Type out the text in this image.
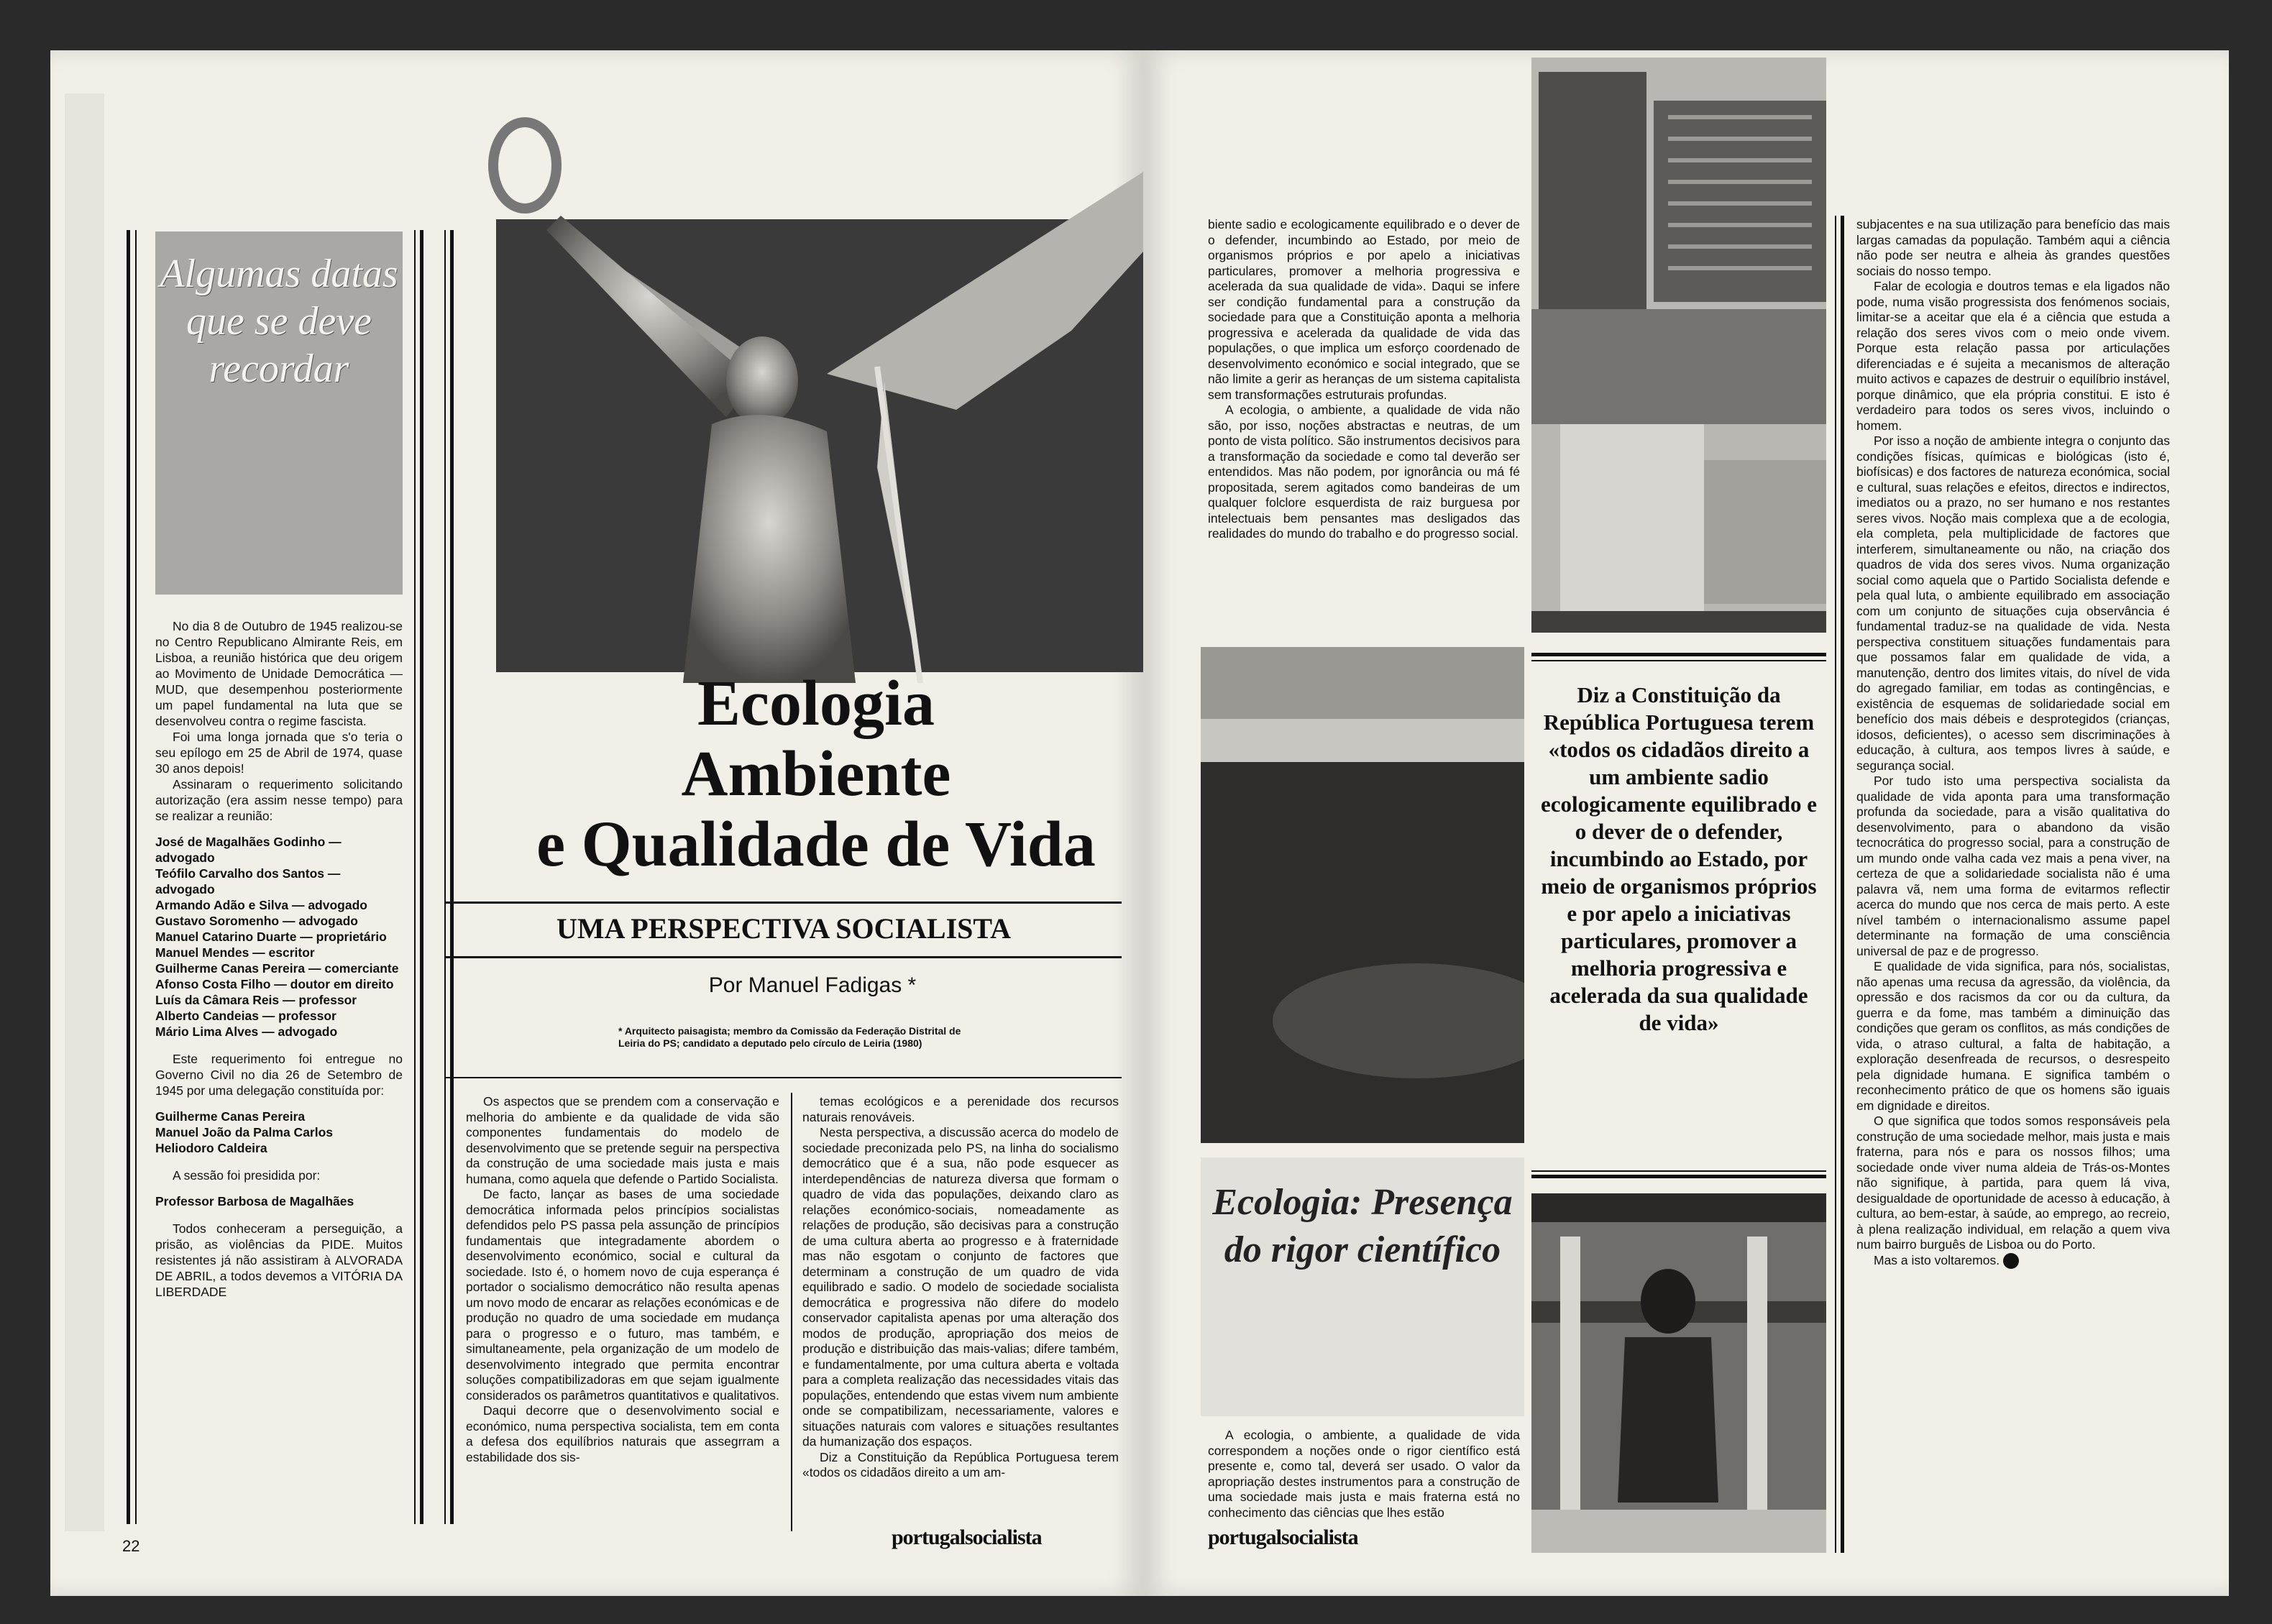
Algumas datas que se deve recordar

No dia 8 de Outubro de 1945 realizou-se no Centro Republicano Almirante Reis, em Lisboa, a reunião histórica que deu origem ao Movimento de Unidade Democrática — MUD, que desempenhou posteriormente um papel fundamental na luta que se desenvolveu contra o regime fascista.

Foi uma longa jornada que s'o teria o seu epílogo em 25 de Abril de 1974, quase 30 anos depois!

Assinaram o requerimento solicitando autorização (era assim nesse tempo) para se realizar a reunião:

José de Magalhães Godinho — advogado
Teófilo Carvalho dos Santos — advogado
Armando Adão e Silva — advogado
Gustavo Soromenho — advogado
Manuel Catarino Duarte — proprietário
Manuel Mendes — escritor
Guilherme Canas Pereira — comerciante
Afonso Costa Filho — doutor em direito
Luís da Câmara Reis — professor
Alberto Candeias — professor
Mário Lima Alves — advogado

Este requerimento foi entregue no Governo Civil no dia 26 de Setembro de 1945 por uma delegação constituída por:

Guilherme Canas Pereira
Manuel João da Palma Carlos
Heliodoro Caldeira

A sessão foi presidida por:

Professor Barbosa de Magalhães

Todos conheceram a perseguição, a prisão, as violências da PIDE. Muitos resistentes já não assistiram à ALVORADA DE ABRIL, a todos devemos a VITÓRIA DA LIBERDADE

Ecologia
Ambiente
e Qualidade de Vida
UMA PERSPECTIVA SOCIALISTA
Por Manuel Fadigas *
* Arquitecto paisagista; membro da Comissão da Federação Distrital de Leiria do PS; candidato a deputado pelo círculo de Leiria (1980)

Os aspectos que se prendem com a conservação e melhoria do ambiente e da qualidade de vida são componentes fundamentais do modelo de desenvolvimento que se pretende seguir na perspectiva da construção de uma sociedade mais justa e mais humana, como aquela que defende o Partido Socialista.

De facto, lançar as bases de uma sociedade democrática informada pelos princípios socialistas defendidos pelo PS passa pela assunção de princípios fundamentais que integradamente abordem o desenvolvimento económico, social e cultural da sociedade. Isto é, o homem novo de cuja esperança é portador o socialismo democrático não resulta apenas um novo modo de encarar as relações económicas e de produção no quadro de uma sociedade em mudança para o progresso e o futuro, mas também, e simultaneamente, pela organização de um modelo de desenvolvimento integrado que permita encontrar soluções compatibilizadoras em que sejam igualmente considerados os parâmetros quantitativos e qualitativos.

Daqui decorre que o desenvolvimento social e económico, numa perspectiva socialista, tem em conta a defesa dos equilíbrios naturais que assegrram a estabilidade dos sis-

temas ecológicos e a perenidade dos recursos naturais renováveis.

Nesta perspectiva, a discussão acerca do modelo de sociedade preconizada pelo PS, na linha do socialismo democrático que é a sua, não pode esquecer as interdependências de natureza diversa que formam o quadro de vida das populações, deixando claro as relações económico-sociais, nomeadamente as relações de produção, são decisivas para a construção de uma cultura aberta ao progresso e à fraternidade mas não esgotam o conjunto de factores que determinam a construção de um quadro de vida equilibrado e sadio. O modelo de sociedade socialista democrática e progressiva não difere do modelo conservador capitalista apenas por uma alteração dos modos de produção, apropriação dos meios de produção e distribuição das mais-valias; difere também, e fundamentalmente, por uma cultura aberta e voltada para a completa realização das necessidades vitais das populações, entendendo que estas vivem num ambiente onde se compatibilizam, necessariamente, valores e situações naturais com valores e situações resultantes da humanização dos espaços.

Diz a Constituição da República Portuguesa terem «todos os cidadãos direito a um am-

22	portugalsocialista

biente sadio e ecologicamente equilibrado e o dever de o defender, incumbindo ao Estado, por meio de organismos próprios e por apelo a iniciativas particulares, promover a melhoria progressiva e acelerada da sua qualidade de vida». Daqui se infere ser condição fundamental para a construção da sociedade para que a Constituição aponta a melhoria progressiva e acelerada da qualidade de vida das populações, o que implica um esforço coordenado de desenvolvimento económico e social integrado, que se não limite a gerir as heranças de um sistema capitalista sem transformações estruturais profundas.

A ecologia, o ambiente, a qualidade de vida não são, por isso, noções abstractas e neutras, de um ponto de vista político. São instrumentos decisivos para a transformação da sociedade e como tal deverão ser entendidos. Mas não podem, por ignorância ou má fé propositada, serem agitados como bandeiras de um qualquer folclore esquerdista de raiz burguesa por intelectuais bem pensantes mas desligados das realidades do mundo do trabalho e do progresso social.

Diz a Constituição da República Portuguesa terem «todos os cidadãos direito a um ambiente sadio ecologicamente equilibrado e o dever de o defender, incumbindo ao Estado, por meio de organismos próprios e por apelo a iniciativas particulares, promover a melhoria progressiva e acelerada da sua qualidade de vida»
Ecologia: Presença do rigor científico

A ecologia, o ambiente, a qualidade de vida correspondem a noções onde o rigor científico está presente e, como tal, deverá ser usado. O valor da apropriação destes instrumentos para a construção de uma sociedade mais justa e mais fraterna está no conhecimento das ciências que lhes estão

subjacentes e na sua utilização para benefício das mais largas camadas da população. Também aqui a ciência não pode ser neutra e alheia às grandes questões sociais do nosso tempo.

Falar de ecologia e doutros temas e ela ligados não pode, numa visão progressista dos fenómenos sociais, limitar-se a aceitar que ela é a ciência que estuda a relação dos seres vivos com o meio onde vivem. Porque esta relação passa por articulações diferenciadas e é sujeita a mecanismos de alteração muito activos e capazes de destruir o equilíbrio instável, porque dinâmico, que ela própria constitui. E isto é verdadeiro para todos os seres vivos, incluindo o homem.

Por isso a noção de ambiente integra o conjunto das condições físicas, químicas e biológicas (isto é, biofísicas) e dos factores de natureza económica, social e cultural, suas relações e efeitos, directos e indirectos, imediatos ou a prazo, no ser humano e nos restantes seres vivos. Noção mais complexa que a de ecologia, ela completa, pela multiplicidade de factores que interferem, simultaneamente ou não, na criação dos quadros de vida dos seres vivos. Numa organização social como aquela que o Partido Socialista defende e pela qual luta, o ambiente equilibrado em associação com um conjunto de situações cuja observância é fundamental traduz-se na qualidade de vida. Nesta perspectiva constituem situações fundamentais para que possamos falar em qualidade de vida, a manutenção, dentro dos limites vitais, do nível de vida do agregado familiar, em todas as contingências, e existência de esquemas de solidariedade social em benefício dos mais débeis e desprotegidos (crianças, idosos, deficientes), o acesso sem discriminações à educação, à cultura, aos tempos livres à saúde, e segurança social.

Por tudo isto uma perspectiva socialista da qualidade de vida aponta para uma transformação profunda da sociedade, para a visão qualitativa do desenvolvimento, para o abandono da visão tecnocrática do progresso social, para a construção de um mundo onde valha cada vez mais a pena viver, na certeza de que a solidariedade socialista não é uma palavra vã, nem uma forma de evitarmos reflectir acerca do mundo que nos cerca de mais perto. A este nível também o internacionalismo assume papel determinante na formação de uma consciência universal de paz e de progresso.

E qualidade de vida significa, para nós, socialistas, não apenas uma recusa da agressão, da violência, da opressão e dos racismos da cor ou da cultura, da guerra e da fome, mas também a diminuição das condições que geram os conflitos, as más condições de vida, o atraso cultural, a falta de habitação, a exploração desenfreada de recursos, o desrespeito pela dignidade humana. E significa também o reconhecimento prático de que os homens são iguais em dignidade e direitos.

O que significa que todos somos responsáveis pela construção de uma sociedade melhor, mais justa e mais fraterna, para nós e para os nossos filhos; uma sociedade onde viver numa aldeia de Trás-os-Montes não signifique, à partida, para quem lá viva, desigualdade de oportunidade de acesso à educação, à cultura, ao bem-estar, à saúde, ao emprego, ao recreio, à plena realização individual, em relação a quem viva num bairro burguês de Lisboa ou do Porto.

Mas a isto voltaremos.

portugalsocialista
